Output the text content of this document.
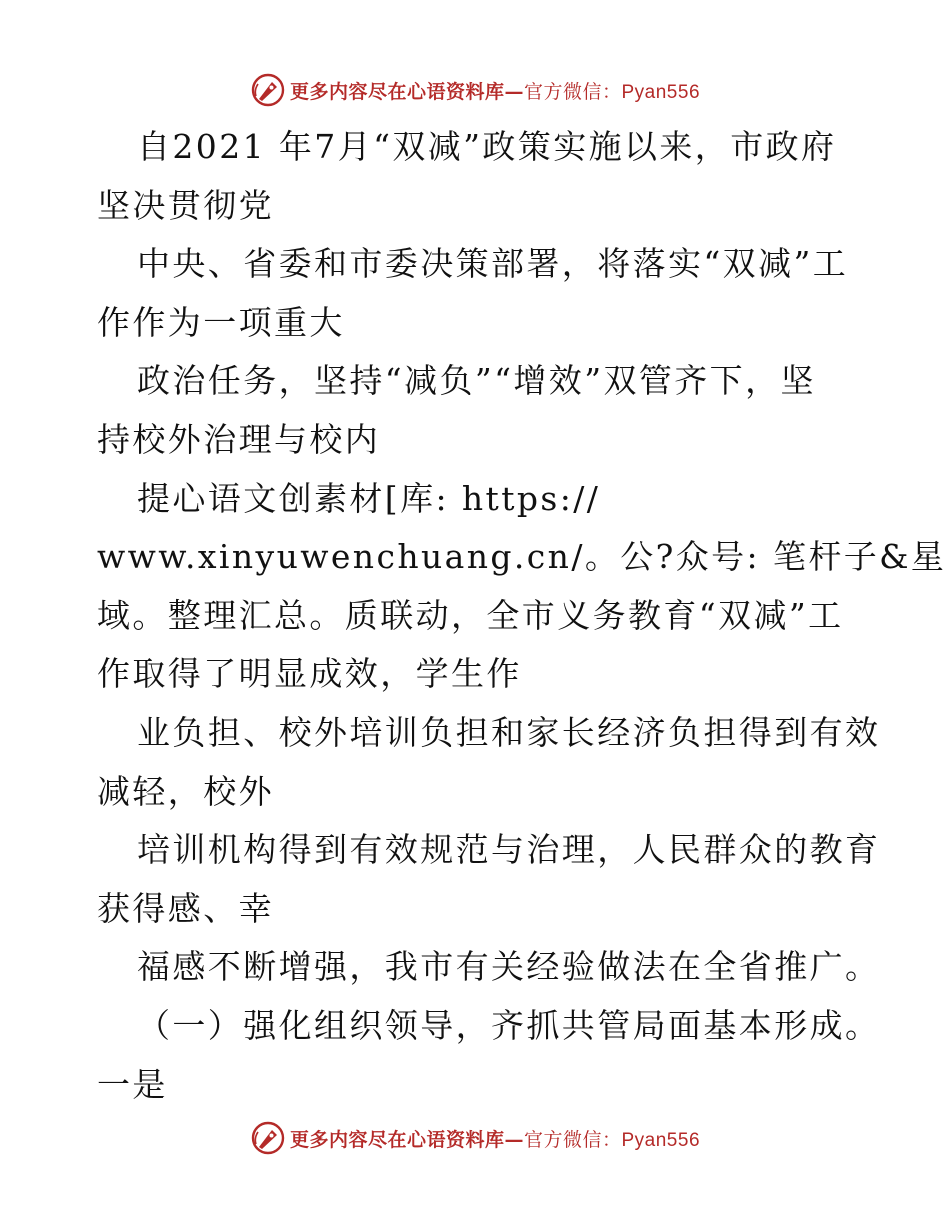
更多内容尽在心语资料库—官方微信：Pyan556
自2021 年7月“双减”政策实施以来，市政府
坚决贯彻党
中央、省委和市委决策部署，将落实“双减”工
作作为一项重大
政治任务，坚持“减负”“增效”双管齐下，坚
持校外治理与校内
提心语文创素材[库: https://
www.xinyuwenchuang.cn/。公?众号: 笔杆子&星
域。整理汇总。质联动，全市义务教育“双减”工
作取得了明显成效，学生作
业负担、校外培训负担和家长经济负担得到有效
减轻，校外
培训机构得到有效规范与治理，人民群众的教育
获得感、幸
福感不断增强，我市有关经验做法在全省推广。
（一）强化组织领导，齐抓共管局面基本形成。
一是
更多内容尽在心语资料库—官方微信：Pyan556
